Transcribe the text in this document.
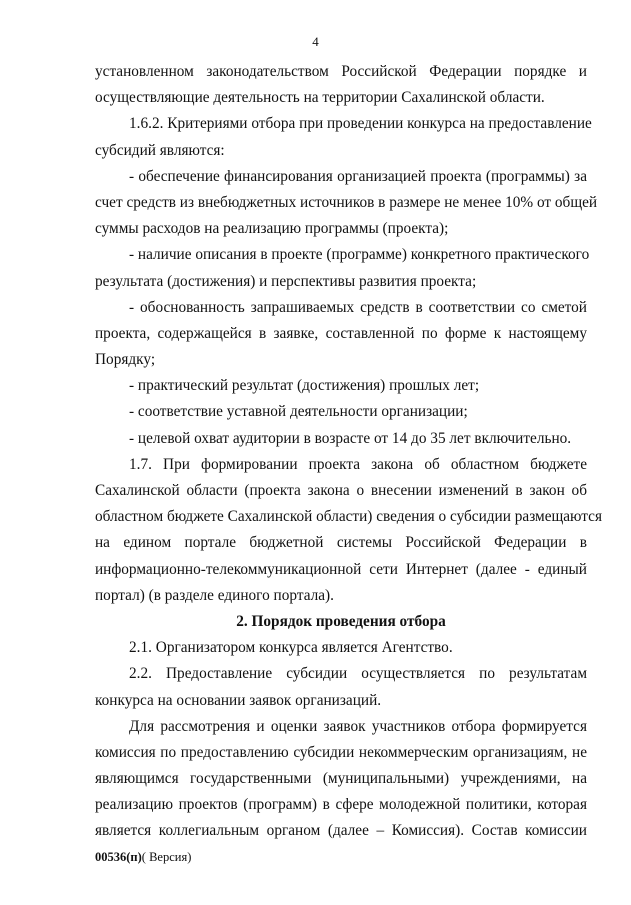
4
установленном законодательством Российской Федерации порядке и
осуществляющие деятельность на территории Сахалинской области.
1.6.2. Критериями отбора при проведении конкурса на предоставление
субсидий являются:
- обеспечение финансирования организацией проекта (программы) за
счет средств из внебюджетных источников в размере не менее 10% от общей
суммы расходов на реализацию программы (проекта);
- наличие описания в проекте (программе) конкретного практического
результата (достижения) и перспективы развития проекта;
- обоснованность запрашиваемых средств в соответствии со сметой
проекта, содержащейся в заявке, составленной по форме к настоящему
Порядку;
- практический результат (достижения) прошлых лет;
- соответствие уставной деятельности организации;
- целевой охват аудитории в возрасте от 14 до 35 лет включительно.
1.7. При формировании проекта закона об областном бюджете
Сахалинской области (проекта закона о внесении изменений в закон об
областном бюджете Сахалинской области) сведения о субсидии размещаются
на едином портале бюджетной системы Российской Федерации в
информационно-телекоммуникационной сети Интернет (далее - единый
портал) (в разделе единого портала).
2. Порядок проведения отбора
2.1. Организатором конкурса является Агентство.
2.2. Предоставление субсидии осуществляется по результатам
конкурса на основании заявок организаций.
Для рассмотрения и оценки заявок участников отбора формируется
комиссия по предоставлению субсидии некоммерческим организациям, не
являющимся государственными (муниципальными) учреждениями, на
реализацию проектов (программ) в сфере молодежной политики, которая
является коллегиальным органом (далее – Комиссия). Состав комиссии
00536(п)( Версия)
